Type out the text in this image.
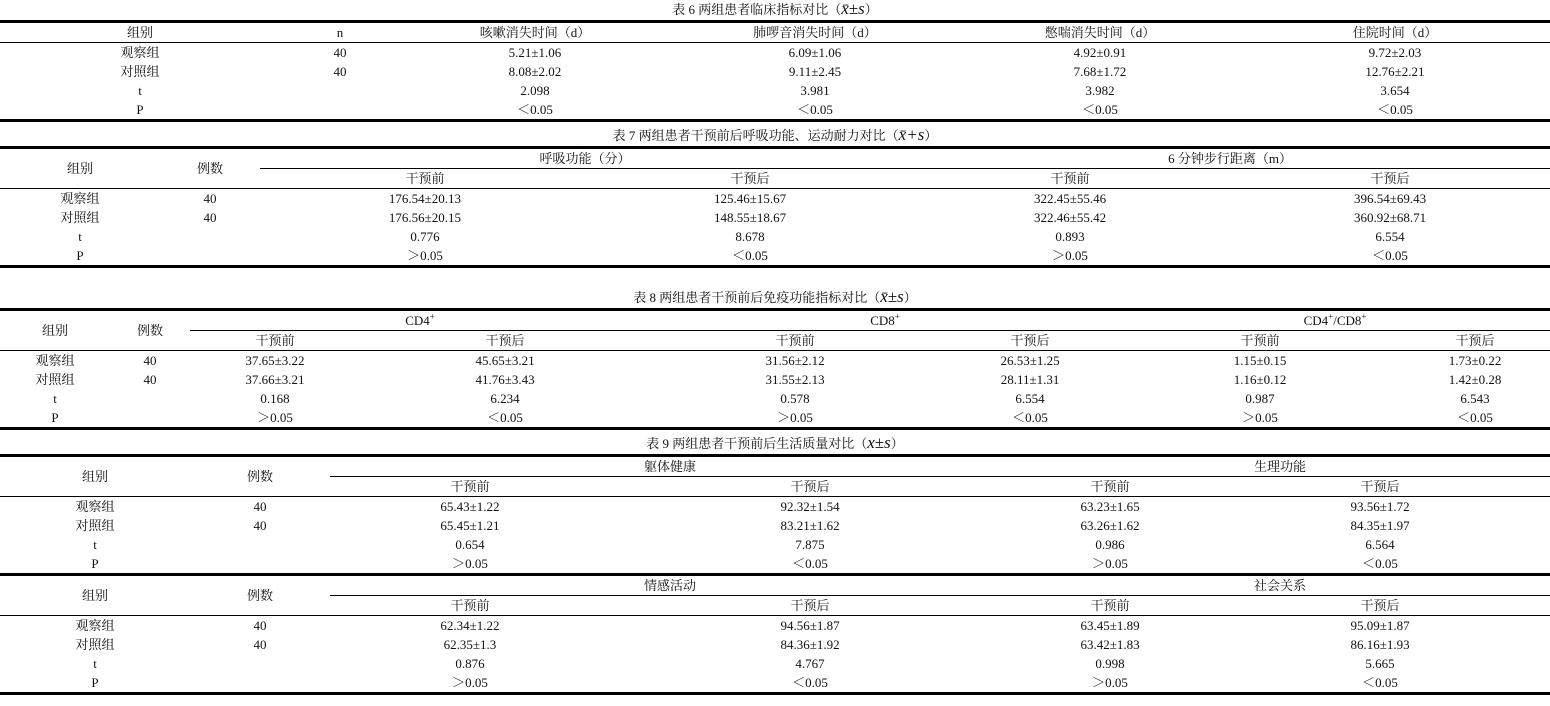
表 6 两组患者临床指标对比（x̄±s）
组别	n	咳嗽消失时间（d）	肺啰音消失时间（d）	憋喘消失时间（d）	住院时间（d）
观察组	40	5.21±1.06	6.09±1.06	4.92±0.91	9.72±2.03
对照组	40	8.08±2.02	9.11±2.45	7.68±1.72	12.76±2.21
t		2.098	3.981	3.982	3.654
P		＜0.05	＜0.05	＜0.05	＜0.05
表 7 两组患者干预前后呼吸功能、运动耐力对比（x̄+s）
组别	例数	呼吸功能（分）		6 分钟步行距离（m）	
		干预前	干预后	干预前	干预后
观察组	40	176.54±20.13	125.46±15.67	322.45±55.46	396.54±69.43
对照组	40	176.56±20.15	148.55±18.67	322.46±55.42	360.92±68.71
t		0.776	8.678	0.893	6.554
P		＞0.05	＜0.05	＞0.05	＜0.05
表 8 两组患者干预前后免疫功能指标对比（x̄±s）
组别	例数	CD4+		CD8+		CD4+/CD8+
		干预前	干预后	干预前	干预后	干预前	干预后
观察组	40	37.65±3.22	45.65±3.21	31.56±2.12	26.53±1.25	1.15±0.15	1.73±0.22
对照组	40	37.66±3.21	41.76±3.43	31.55±2.13	28.11±1.31	1.16±0.12	1.42±0.28
t		0.168	6.234	0.578	6.554	0.987	6.543
P		＞0.05	＜0.05	＞0.05	＜0.05	＞0.05	＜0.05
表 9 两组患者干预前后生活质量对比（x±s）
组别	例数	躯体健康		生理功能	
		干预前	干预后	干预前	干预后
观察组	40	65.43±1.22	92.32±1.54	63.23±1.65	93.56±1.72
对照组	40	65.45±1.21	83.21±1.62	63.26±1.62	84.35±1.97
t		0.654	7.875	0.986	6.564
P		＞0.05	＜0.05	＞0.05	＜0.05
组别	例数	情感活动		社会关系	
		干预前	干预后	干预前	干预后
观察组	40	62.34±1.22	94.56±1.87	63.45±1.89	95.09±1.87
对照组	40	62.35±1.3	84.36±1.92	63.42±1.83	86.16±1.93
t		0.876	4.767	0.998	5.665
P		＞0.05	＜0.05	＞0.05	＜0.05
